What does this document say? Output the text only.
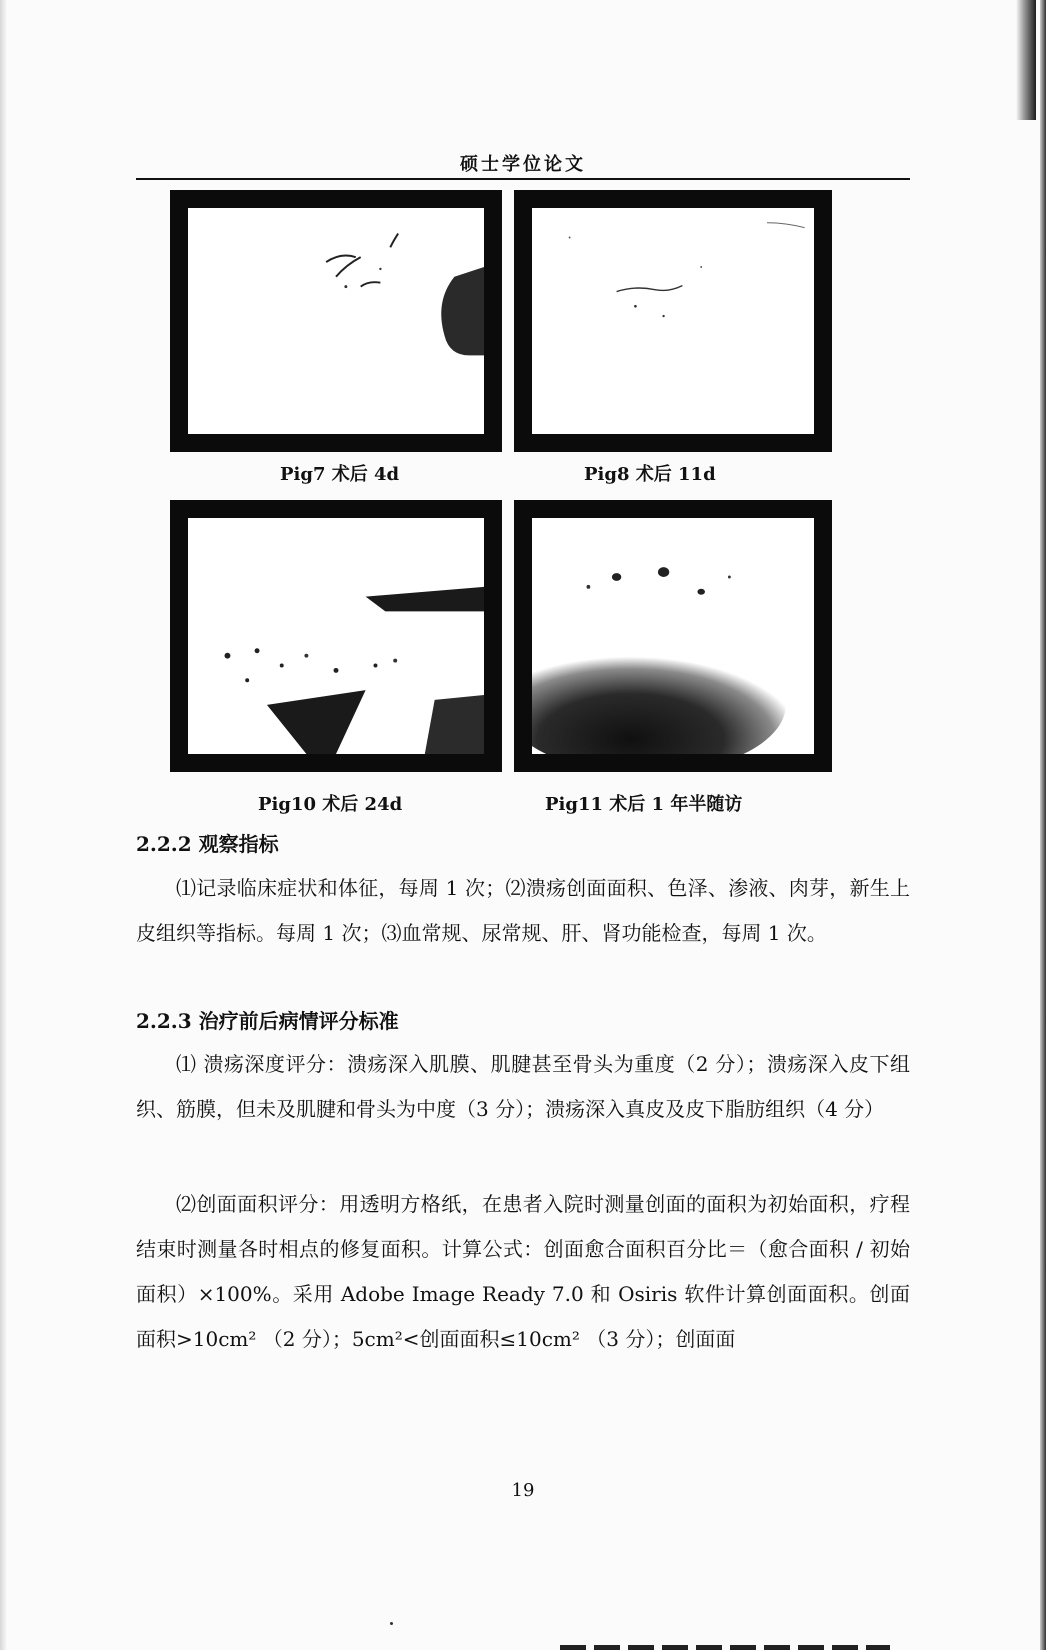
硕士学位论文
Pig7 术后 4d	Pig8 术后 11d
Pig10 术后 24d	Pig11 术后 1 年半随访
2.2.2 观察指标
⑴记录临床症状和体征，每周 1 次；⑵溃疡创面面积、色泽、渗液、肉芽，新生上皮组织等指标。每周 1 次；⑶血常规、尿常规、肝、肾功能检查，每周 1 次。
2.2.3 治疗前后病情评分标准
⑴ 溃疡深度评分：溃疡深入肌膜、肌腱甚至骨头为重度（2 分）；溃疡深入皮下组织、筋膜，但未及肌腱和骨头为中度（3 分）；溃疡深入真皮及皮下脂肪组织（4 分）
⑵创面面积评分：用透明方格纸，在患者入院时测量创面的面积为初始面积，疗程结束时测量各时相点的修复面积。计算公式：创面愈合面积百分比＝（愈合面积 / 初始面积）×100%。采用 Adobe Image Ready 7.0 和 Osiris 软件计算创面面积。创面面积>10cm² （2 分）；5cm²<创面面积≤10cm² （3 分）；创面面
19
